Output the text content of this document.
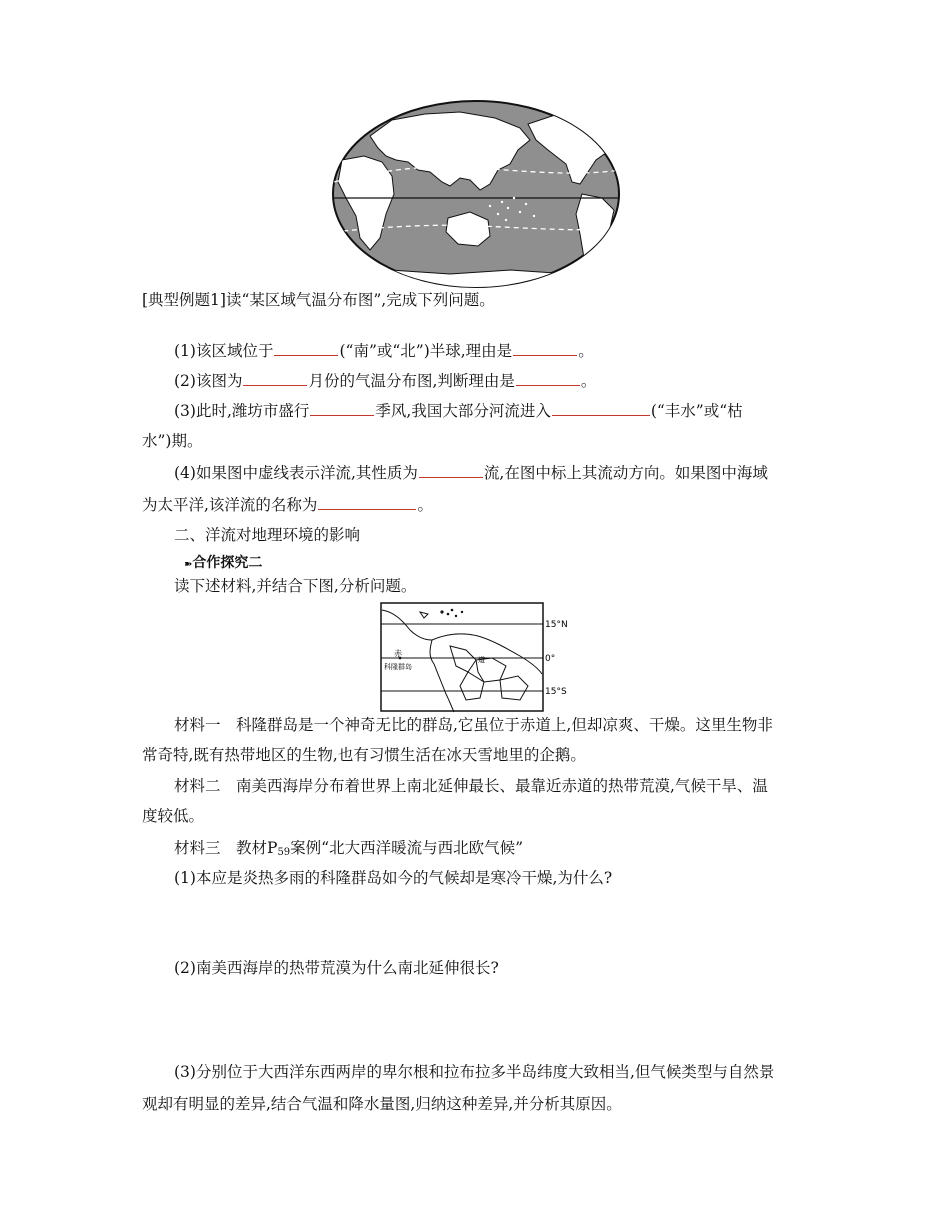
[典型例题1]读“某区域气温分布图”,完成下列问题。
(1)该区域位于	(“南”或“北”)半球,理由是	。
(2)该图为	月份的气温分布图,判断理由是	。
(3)此时,潍坊市盛行	季风,我国大部分河流进入	(“丰水”或“枯
水”)期。
(4)如果图中虚线表示洋流,其性质为	流,在图中标上其流动方向。如果图中海域
为太平洋,该洋流的名称为	。
二、洋流对地理环境的影响
➽合作探究二
读下述材料,并结合下图,分析问题。
赤
科隆群岛
道
15°N
0°
15°S
材料一　科隆群岛是一个神奇无比的群岛,它虽位于赤道上,但却凉爽、干燥。这里生物非
常奇特,既有热带地区的生物,也有习惯生活在冰天雪地里的企鹅。
材料二　南美西海岸分布着世界上南北延伸最长、最靠近赤道的热带荒漠,气候干旱、温
度较低。
材料三　教材$P_{59}$案例“北大西洋暖流与西北欧气候”
(1)本应是炎热多雨的科隆群岛如今的气候却是寒冷干燥,为什么?
(2)南美西海岸的热带荒漠为什么南北延伸很长?
(3)分别位于大西洋东西两岸的卑尔根和拉布拉多半岛纬度大致相当,但气候类型与自然景
观却有明显的差异,结合气温和降水量图,归纳这种差异,并分析其原因。
